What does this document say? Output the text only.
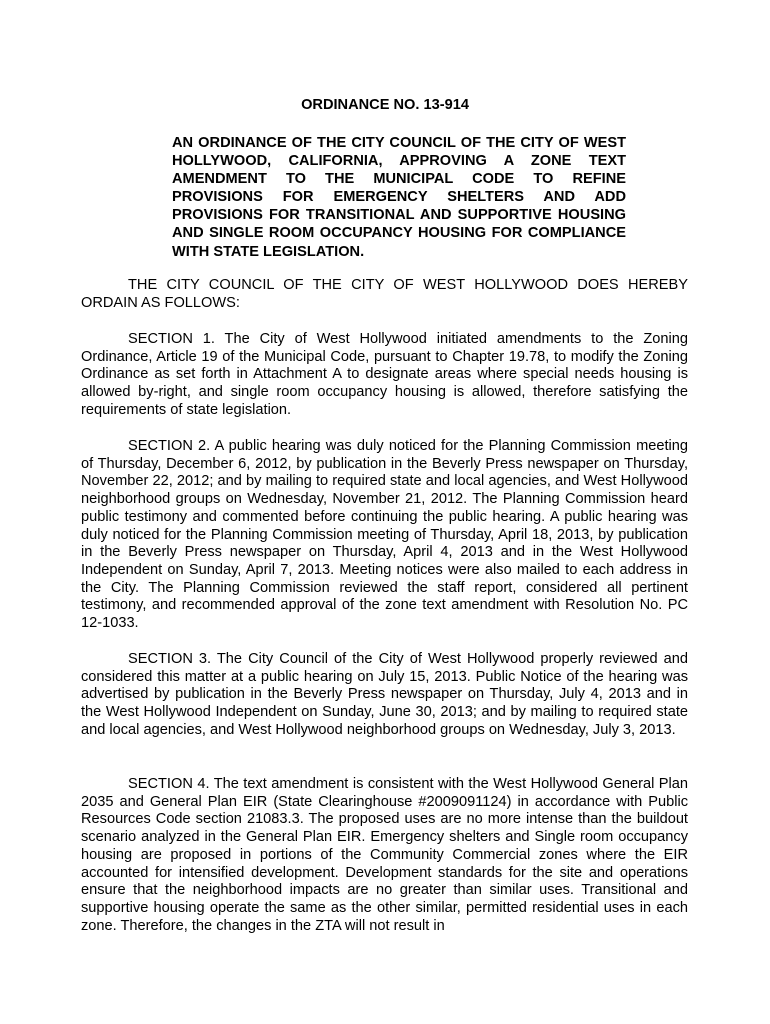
ORDINANCE NO. 13-914
AN ORDINANCE OF THE CITY COUNCIL OF THE CITY OF WEST HOLLYWOOD, CALIFORNIA, APPROVING A ZONE TEXT AMENDMENT TO THE MUNICIPAL CODE TO REFINE PROVISIONS FOR EMERGENCY SHELTERS AND ADD PROVISIONS FOR TRANSITIONAL AND SUPPORTIVE HOUSING AND SINGLE ROOM OCCUPANCY HOUSING FOR COMPLIANCE WITH STATE LEGISLATION.
THE CITY COUNCIL OF THE CITY OF WEST HOLLYWOOD DOES HEREBY ORDAIN AS FOLLOWS:
SECTION 1. The City of West Hollywood initiated amendments to the Zoning Ordinance, Article 19 of the Municipal Code, pursuant to Chapter 19.78, to modify the Zoning Ordinance as set forth in Attachment A to designate areas where special needs housing is allowed by-right, and single room occupancy housing is allowed, therefore satisfying the requirements of state legislation.
SECTION 2. A public hearing was duly noticed for the Planning Commission meeting of Thursday, December 6, 2012, by publication in the Beverly Press newspaper on Thursday, November 22, 2012; and by mailing to required state and local agencies, and West Hollywood neighborhood groups on Wednesday, November 21, 2012. The Planning Commission heard public testimony and commented before continuing the public hearing. A public hearing was duly noticed for the Planning Commission meeting of Thursday, April 18, 2013, by publication in the Beverly Press newspaper on Thursday, April 4, 2013 and in the West Hollywood Independent on Sunday, April 7, 2013. Meeting notices were also mailed to each address in the City. The Planning Commission reviewed the staff report, considered all pertinent testimony, and recommended approval of the zone text amendment with Resolution No. PC 12-1033.
SECTION 3. The City Council of the City of West Hollywood properly reviewed and considered this matter at a public hearing on July 15, 2013. Public Notice of the hearing was advertised by publication in the Beverly Press newspaper on Thursday, July 4, 2013 and in the West Hollywood Independent on Sunday, June 30, 2013; and by mailing to required state and local agencies, and West Hollywood neighborhood groups on Wednesday, July 3, 2013.
SECTION 4. The text amendment is consistent with the West Hollywood General Plan 2035 and General Plan EIR (State Clearinghouse #2009091124) in accordance with Public Resources Code section 21083.3. The proposed uses are no more intense than the buildout scenario analyzed in the General Plan EIR. Emergency shelters and Single room occupancy housing are proposed in portions of the Community Commercial zones where the EIR accounted for intensified development. Development standards for the site and operations ensure that the neighborhood impacts are no greater than similar uses. Transitional and supportive housing operate the same as the other similar, permitted residential uses in each zone. Therefore, the changes in the ZTA will not result in
